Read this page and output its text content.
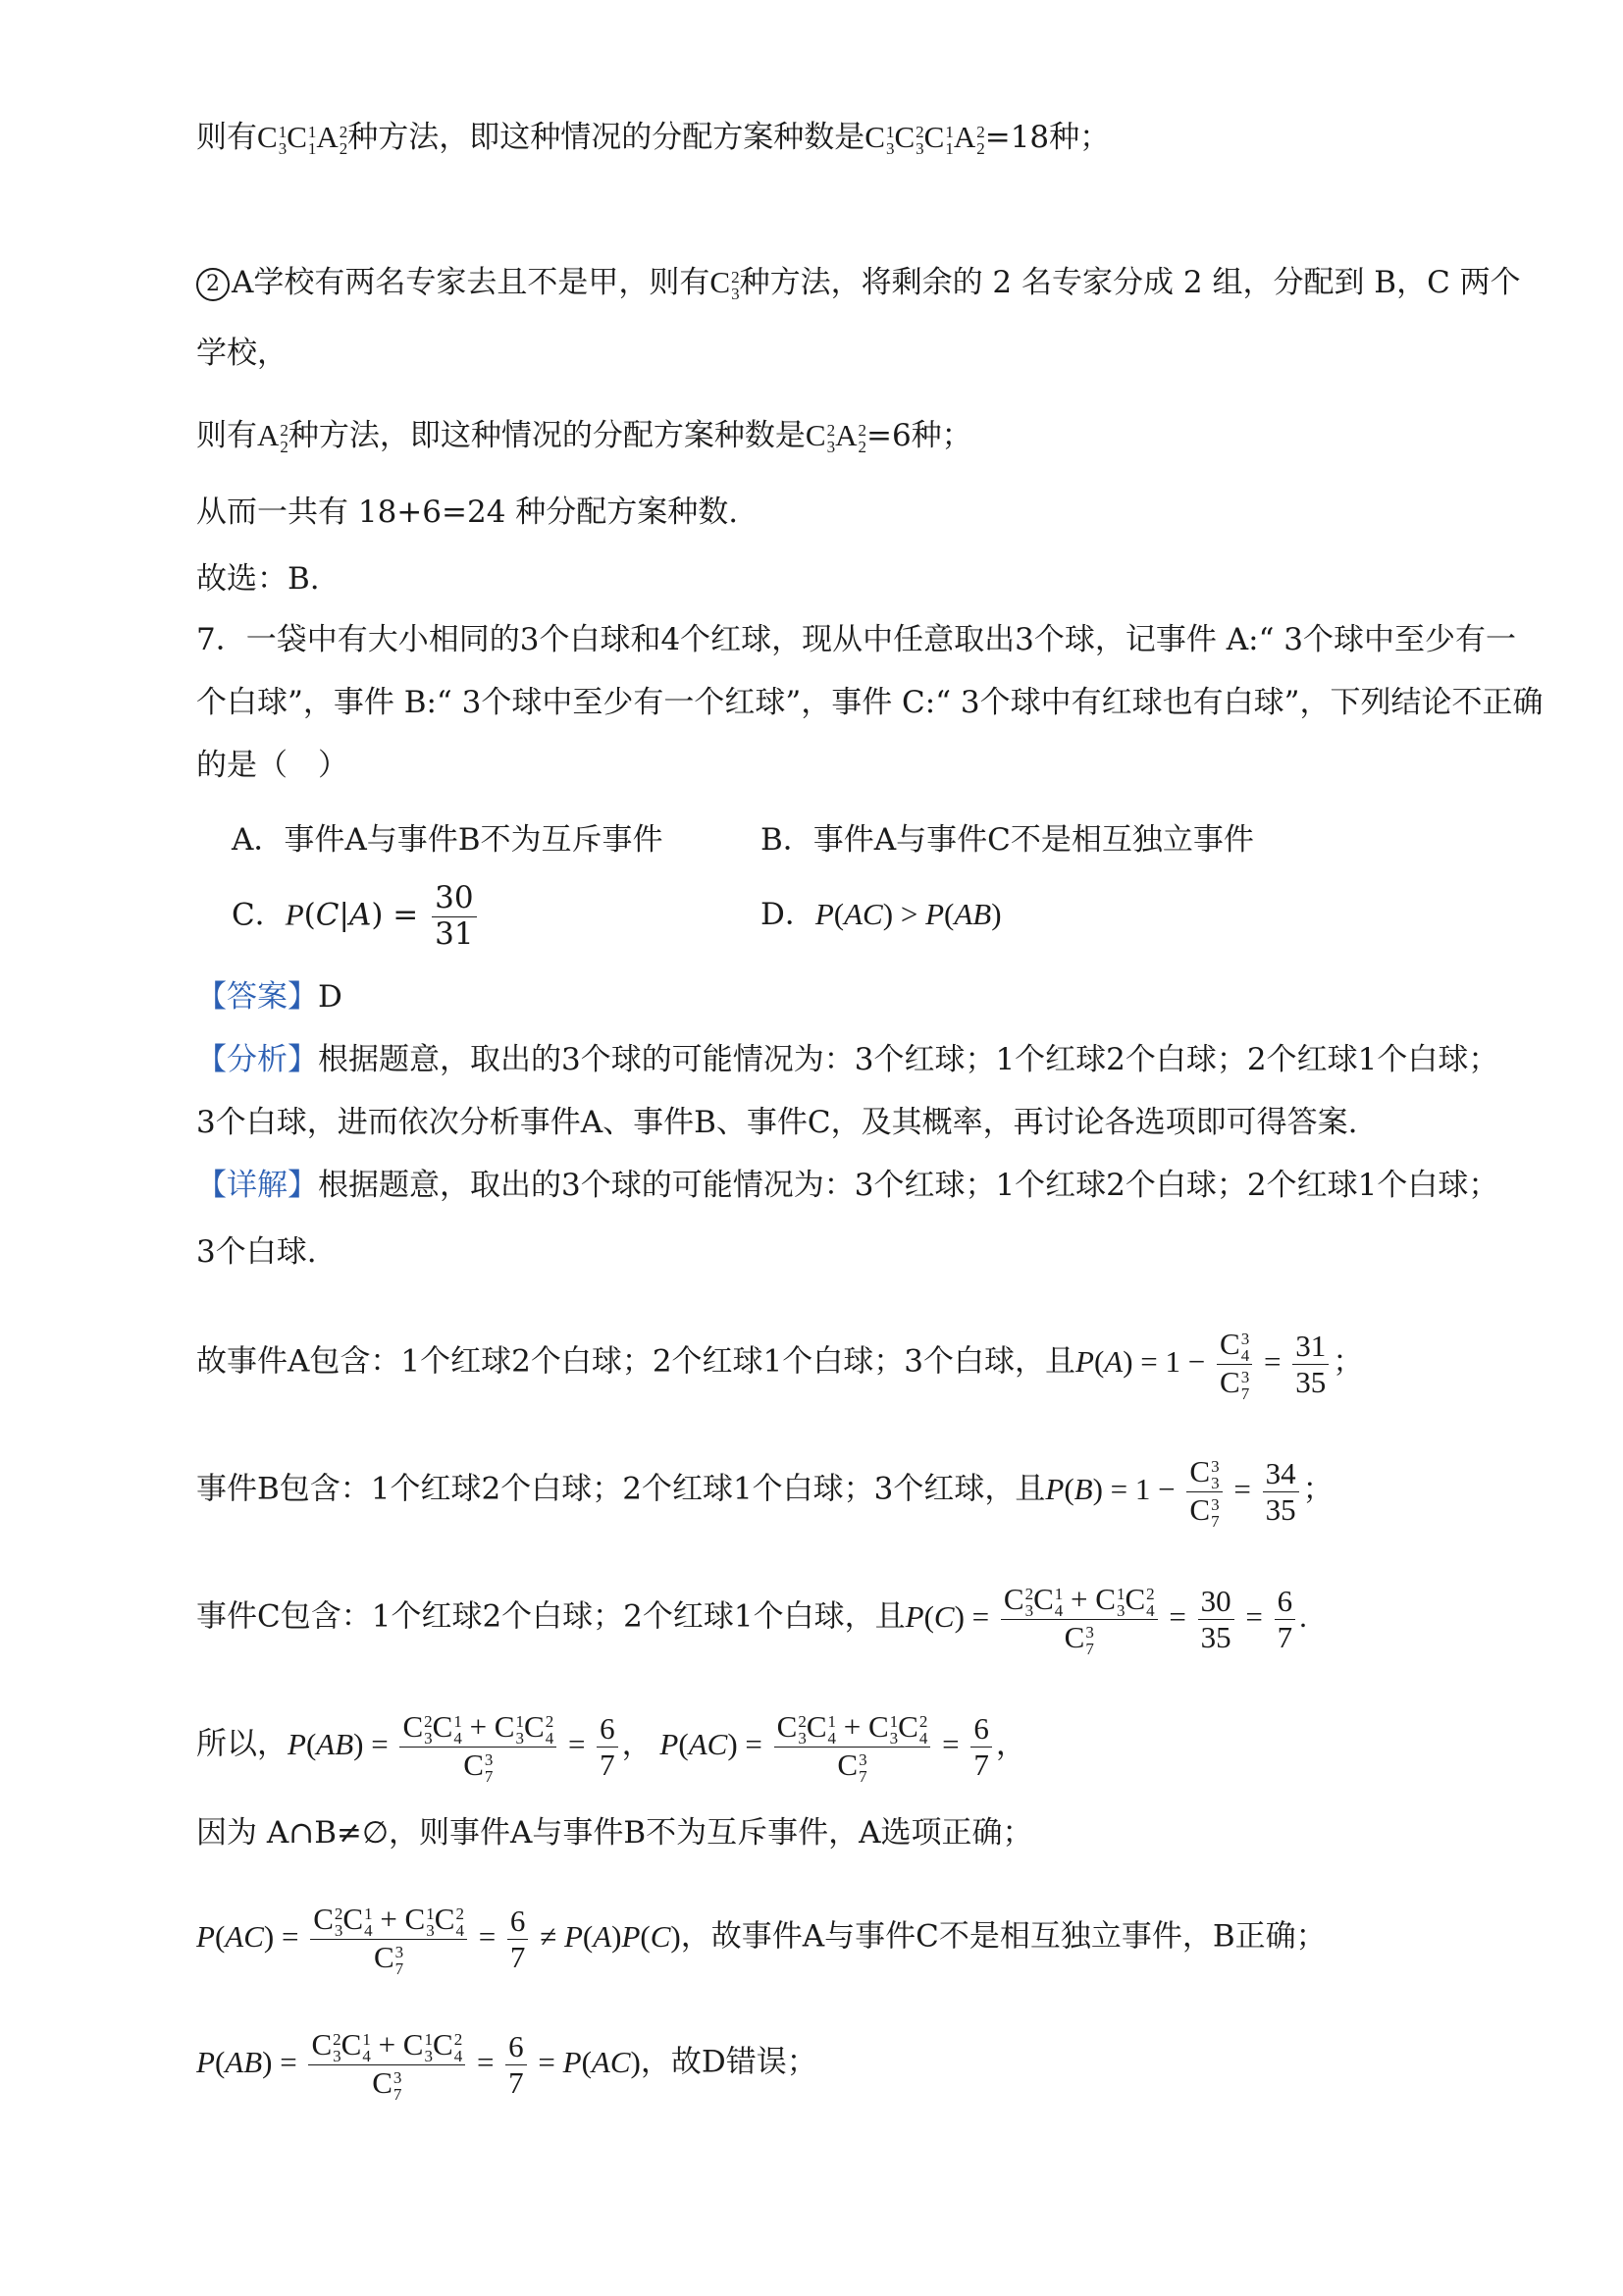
则有C 1
3 C 1
1 A 2
2 种方法，即这种情况的分配方案种数是C 1
3 C 2
3 C 1
1 A 2
2 =18种；
2 A学校有两名专家去且不是甲，则有C 2
3 种方法，将剩余的 2 名专家分成 2 组，分配到 B，C 两个
学校，
则有A 2
2 种方法，即这种情况的分配方案种数是C 2
3 A 2
2 =6种；
从而一共有 18+6=24 种分配方案种数.
故选：B.
7．一袋中有大小相同的3个白球和4个红球，现从中任意取出3个球，记事件 A:“ 3个球中至少有一
个白球”，事件 B:“ 3个球中至少有一个红球”，事件 C:“ 3个球中有红球也有白球”，下列结论不正确
的是（　）
A．事件A与事件B不为互斥事件	B．事件A与事件C不是相互独立事件
C．$P(C|A) = \frac{30}{31}$	D．P(AC) > P(AB)
【答案】D
【分析】根据题意，取出的3个球的可能情况为：3个红球；1个红球2个白球；2个红球1个白球；
3个白球，进而依次分析事件A、事件B、事件C，及其概率，再讨论各选项即可得答案.
【详解】根据题意，取出的3个球的可能情况为：3个红球；1个红球2个白球；2个红球1个白球；
3个白球.
故事件A包含：1个红球2个白球；2个红球1个白球；3个白球，且P(A) = 1 − C 3
4
C 3
$7 = \frac{31}{35}$ ；
事件B包含：1个红球2个白球；2个红球1个白球；3个红球，且P(B) = 1 − C 3
3
C 3
$7 = \frac{34}{35}$ ；
事件C包含：1个红球2个白球；2个红球1个白球，且P(C) = C 2
3 C 1
4 + C 1
3 C 2
4
C 3
$7 = \frac{30}{35} = \frac{6}{7}$ .
所以，P(AB) = C 2
3 C 1
4 + C 1
3 C 2
4
C 3
$7 = \frac{6}{7}$ ， P(AC) = C 2
3 C 1
4 + C 1
3 C 2
4
C 3
$7 = \frac{6}{7}$ ，
因为 A∩B≠∅，则事件A与事件B不为互斥事件，A选项正确；
P(AC) = C 2
3 C 1
4 + C 1
3 C 2
4
C 3
$7 = \frac{6}{7} \ne P(A)P(C)$，故事件A与事件C不是相互独立事件，B正确；
P(AB) = C 2
3 C 1
4 + C 1
3 C 2
4
C 3
$7 = \frac{6}{7} = P(AC)$，故D错误；
